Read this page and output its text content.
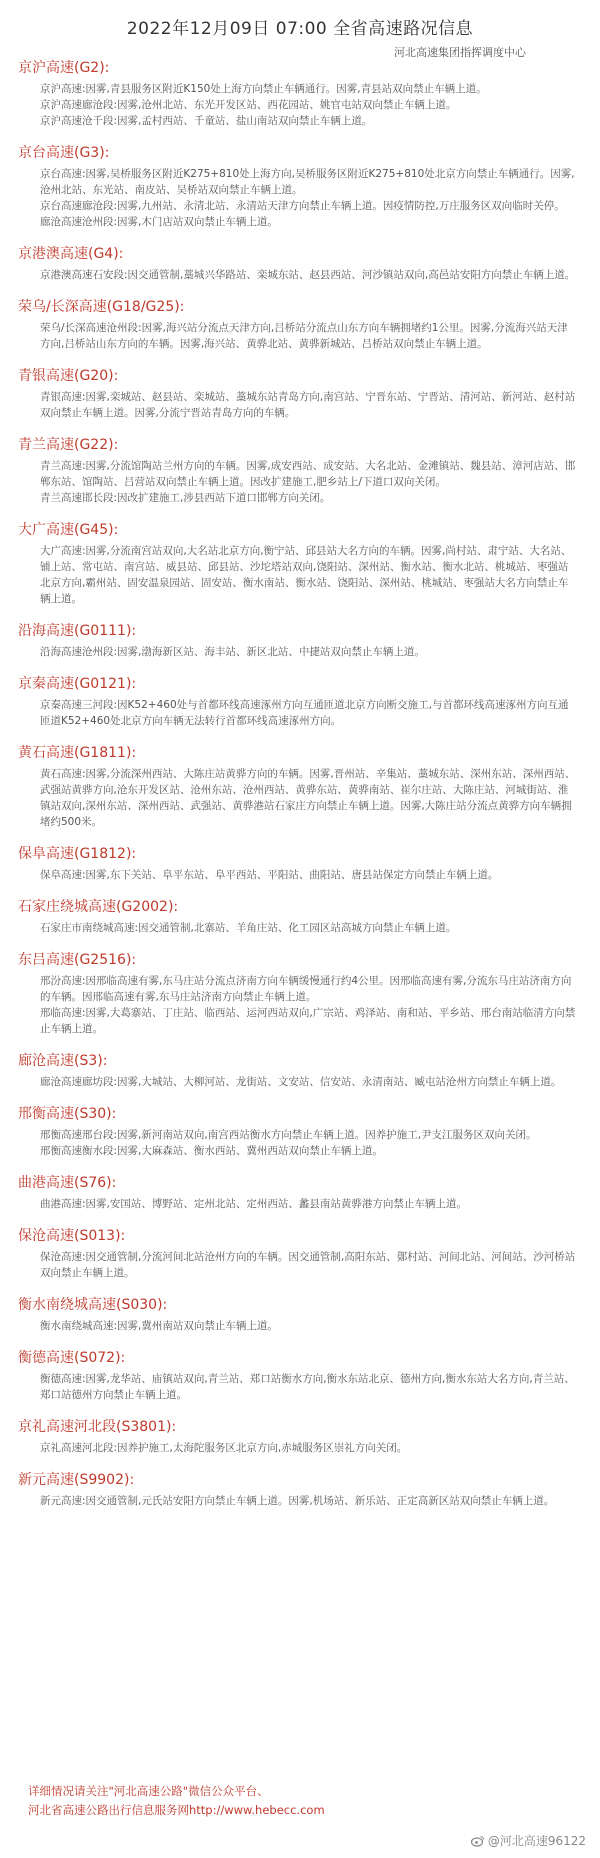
2022年12月09日 07:00 全省高速路况信息
河北高速集团指挥调度中心
京沪高速(G2):
京沪高速:因雾,青县服务区附近K150处上海方向禁止车辆通行。因雾,青县站双向禁止车辆上道。
京沪高速廊沧段:因雾,沧州北站、东光开发区站、西花园站、姚官屯站双向禁止车辆上道。
京沪高速沧千段:因雾,孟村西站、千童站、盐山南站双向禁止车辆上道。
京台高速(G3):
京台高速:因雾,吴桥服务区附近K275+810处上海方向,吴桥服务区附近K275+810处北京方向禁止车辆通行。因雾,沧州北站、东光站、南皮站、吴桥站双向禁止车辆上道。
京台高速廊沧段:因雾,九州站、永清北站、永清站天津方向禁止车辆上道。因疫情防控,万庄服务区双向临时关停。
廊沧高速沧州段:因雾,木门店站双向禁止车辆上道。
京港澳高速(G4):
京港澳高速石安段:因交通管制,藁城兴华路站、栾城东站、赵县西站、河沙镇站双向,高邑站安阳方向禁止车辆上道。
荣乌/长深高速(G18/G25):
荣乌/长深高速沧州段:因雾,海兴站分流点天津方向,吕桥站分流点山东方向车辆拥堵约1公里。因雾,分流海兴站天津方向,吕桥站山东方向的车辆。因雾,海兴站、黄骅北站、黄骅新城站、吕桥站双向禁止车辆上道。
青银高速(G20):
青银高速:因雾,栾城站、赵县站、栾城站、藁城东站青岛方向,南宫站、宁晋东站、宁晋站、清河站、新河站、赵村站双向禁止车辆上道。因雾,分流宁晋站青岛方向的车辆。
青兰高速(G22):
青兰高速:因雾,分流馆陶站兰州方向的车辆。因雾,成安西站、成安站、大名北站、金滩镇站、魏县站、漳河店站、邯郸东站、馆陶站、吕营站双向禁止车辆上道。因改扩建施工,肥乡站上/下道口双向关闭。
青兰高速邯长段:因改扩建施工,涉县西站下道口邯郸方向关闭。
大广高速(G45):
大广高速:因雾,分流南宫站双向,大名站北京方向,衡宁站、邱县站大名方向的车辆。因雾,尚村站、肃宁站、大名站、铺上站、常屯站、南宫站、威县站、邱县站、沙坨塔站双向,饶阳站、深州站、衡水站、衡水北站、桃城站、枣强站北京方向,霸州站、固安温泉园站、固安站、衡水南站、衡水站、饶阳站、深州站、桃城站、枣强站大名方向禁止车辆上道。
沿海高速(G0111):
沿海高速沧州段:因雾,渤海新区站、海丰站、新区北站、中捷站双向禁止车辆上道。
京秦高速(G0121):
京秦高速三河段:因K52+460处与首都环线高速涿州方向互通匝道北京方向断交施工,与首都环线高速涿州方向互通匝道K52+460处北京方向车辆无法转行首都环线高速涿州方向。
黄石高速(G1811):
黄石高速:因雾,分流深州西站、大陈庄站黄骅方向的车辆。因雾,晋州站、辛集站、藁城东站、深州东站、深州西站、武强站黄骅方向,沧东开发区站、沧州东站、沧州西站、黄骅东站、黄骅南站、崔尔庄站、大陈庄站、河城街站、淮镇站双向,深州东站、深州西站、武强站、黄骅港站石家庄方向禁止车辆上道。因雾,大陈庄站分流点黄骅方向车辆拥堵约500米。
保阜高速(G1812):
保阜高速:因雾,东下关站、阜平东站、阜平西站、平阳站、曲阳站、唐县站保定方向禁止车辆上道。
石家庄绕城高速(G2002):
石家庄市南绕城高速:因交通管制,北寨站、羊角庄站、化工园区站高城方向禁止车辆上道。
东吕高速(G2516):
邢汾高速:因邢临高速有雾,东马庄站分流点济南方向车辆缓慢通行约4公里。因邢临高速有雾,分流东马庄站济南方向的车辆。因邢临高速有雾,东马庄站济南方向禁止车辆上道。
邢临高速:因雾,大葛寨站、丁庄站、临西站、运河西站双向,广宗站、鸡泽站、南和站、平乡站、邢台南站临清方向禁止车辆上道。
廊沧高速(S3):
廊沧高速廊坊段:因雾,大城站、大柳河站、龙街站、文安站、信安站、永清南站、臧屯站沧州方向禁止车辆上道。
邢衡高速(S30):
邢衡高速邢台段:因雾,新河南站双向,南宫西站衡水方向禁止车辆上道。因养护施工,尹支江服务区双向关闭。
邢衡高速衡水段:因雾,大麻森站、衡水西站、冀州西站双向禁止车辆上道。
曲港高速(S76):
曲港高速:因雾,安国站、博野站、定州北站、定州西站、蠡县南站黄骅港方向禁止车辆上道。
保沧高速(S013):
保沧高速:因交通管制,分流河间北站沧州方向的车辆。因交通管制,高阳东站、鄚村站、河间北站、河间站、沙河桥站双向禁止车辆上道。
衡水南绕城高速(S030):
衡水南绕城高速:因雾,冀州南站双向禁止车辆上道。
衡德高速(S072):
衡德高速:因雾,龙华站、庙镇站双向,青兰站、郑口站衡水方向,衡水东站北京、德州方向,衡水东站大名方向,青兰站、郑口站德州方向禁止车辆上道。
京礼高速河北段(S3801):
京礼高速河北段:因养护施工,太海陀服务区北京方向,赤城服务区崇礼方向关闭。
新元高速(S9902):
新元高速:因交通管制,元氏站安阳方向禁止车辆上道。因雾,机场站、新乐站、正定高新区站双向禁止车辆上道。
详细情况请关注"河北高速公路"微信公众平台、
河北省高速公路出行信息服务网http://www.hebecc.com
@河北高速96122
